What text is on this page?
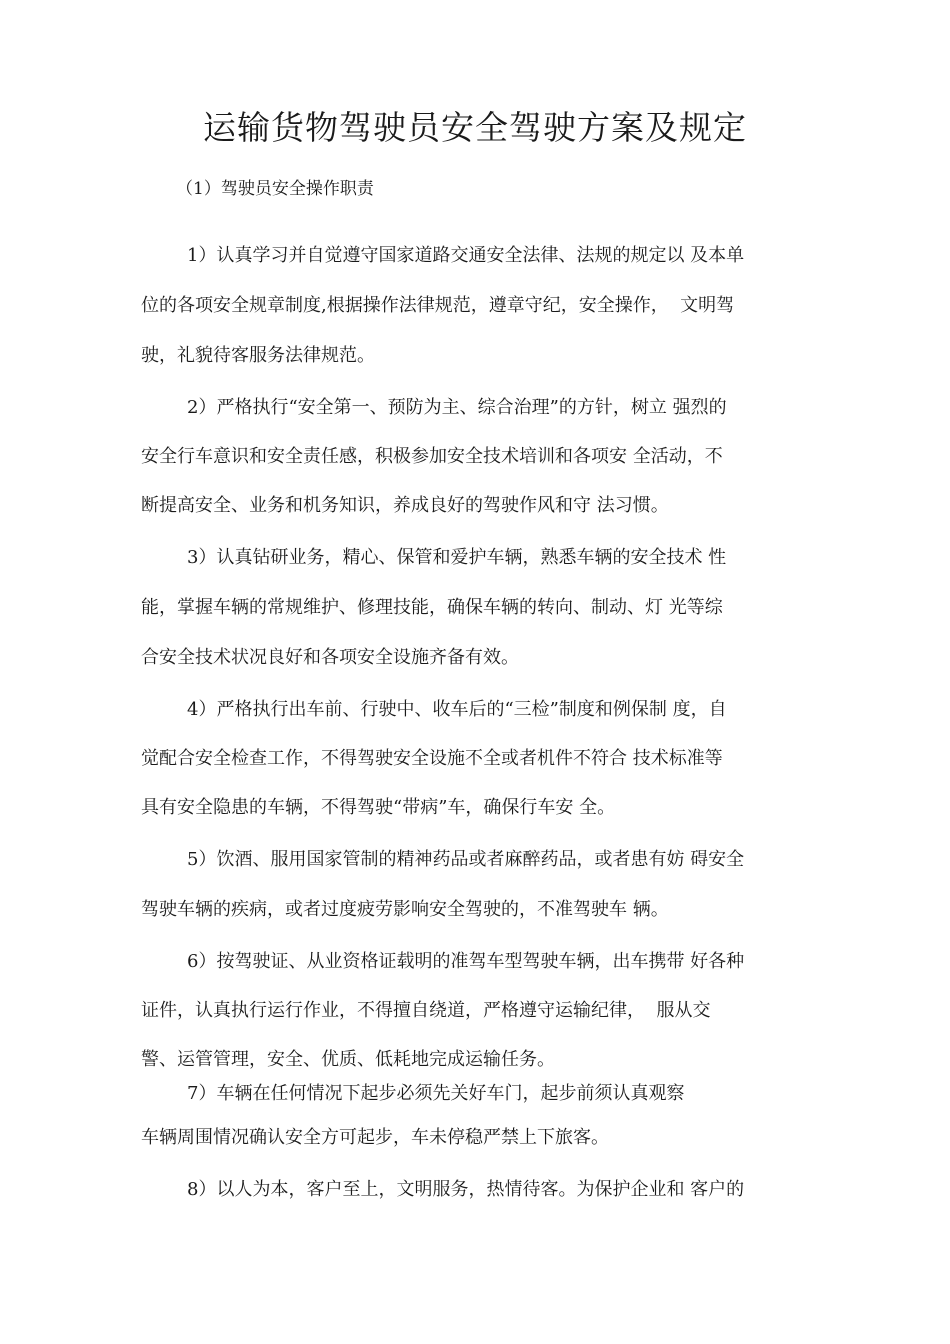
运输货物驾驶员安全驾驶方案及规定

（1）驾驶员安全操作职责

1）认真学习并自觉遵守国家道路交通安全法律、法规的规定以 及本单

位的各项安全规章制度,根据操作法律规范，遵章守纪，安全操作，  文明驾

驶，礼貌待客服务法律规范。

2）严格执行“安全第一、预防为主、综合治理”的方针，树立 强烈的

安全行车意识和安全责任感，积极参加安全技术培训和各项安 全活动，不

断提高安全、业务和机务知识，养成良好的驾驶作风和守 法习惯。

3）认真钻研业务，精心、保管和爱护车辆，熟悉车辆的安全技术 性

能，掌握车辆的常规维护、修理技能，确保车辆的转向、制动、灯 光等综

合安全技术状况良好和各项安全设施齐备有效。

4）严格执行出车前、行驶中、收车后的“三检”制度和例保制 度，自

觉配合安全检查工作，不得驾驶安全设施不全或者机件不符合 技术标准等

具有安全隐患的车辆，不得驾驶“带病”车，确保行车安 全。

5）饮酒、服用国家管制的精神药品或者麻醉药品，或者患有妨 碍安全

驾驶车辆的疾病，或者过度疲劳影响安全驾驶的，不准驾驶车 辆。

6）按驾驶证、从业资格证载明的准驾车型驾驶车辆，出车携带 好各种

证件，认真执行运行作业，不得擅自绕道，严格遵守运输纪律，  服从交

警、运管管理，安全、优质、低耗地完成运输任务。

7）车辆在任何情况下起步必须先关好车门，起步前须认真观察

车辆周围情况确认安全方可起步，车未停稳严禁上下旅客。

8）以人为本，客户至上，文明服务，热情待客。为保护企业和 客户的
